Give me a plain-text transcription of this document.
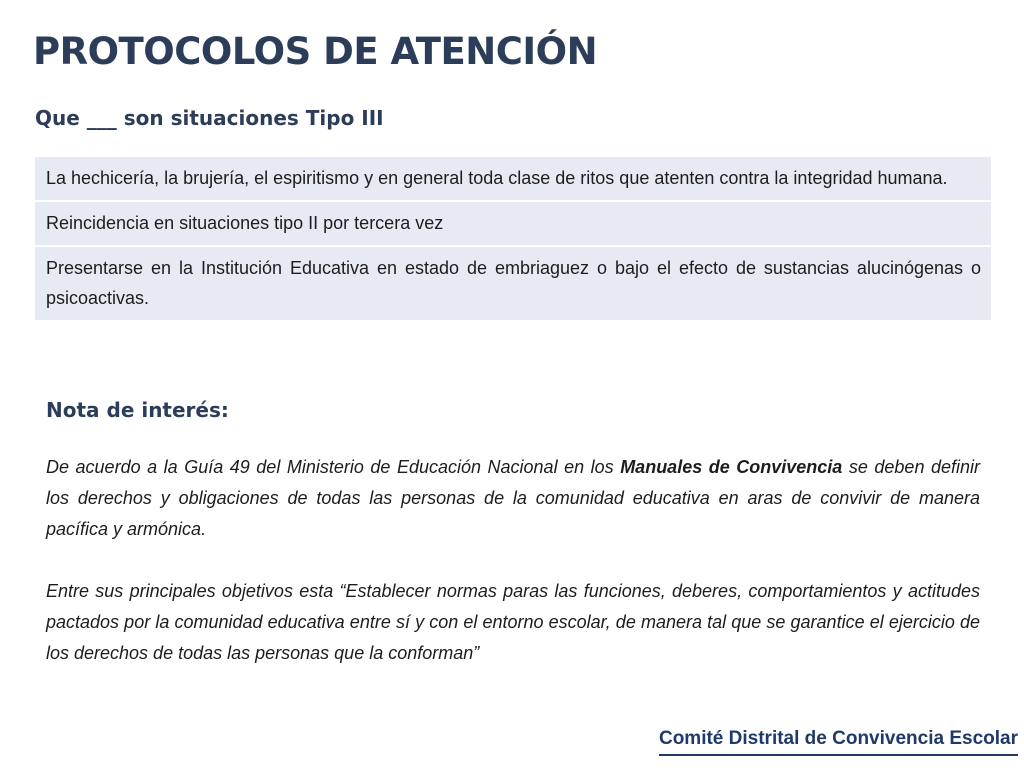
PROTOCOLOS DE ATENCIÓN
Que ___ son situaciones Tipo III
La hechicería, la brujería, el espiritismo y en general toda clase de ritos que atenten contra la integridad humana.
Reincidencia en situaciones tipo II por tercera vez
Presentarse en la Institución Educativa en estado de embriaguez o bajo el efecto de sustancias alucinógenas o psicoactivas.
Nota de interés:

De acuerdo a la Guía 49 del Ministerio de Educación Nacional en los Manuales de Convivencia se deben definir los derechos y obligaciones de todas las personas de la comunidad educativa en aras de convivir de manera pacífica y armónica.

Entre sus principales objetivos esta “Establecer normas paras las funciones, deberes, comportamientos y actitudes pactados por la comunidad educativa entre sí y con el entorno escolar, de manera tal que se garantice el ejercicio de los derechos de todas las personas que la conforman”

Comité Distrital de Convivencia Escolar
